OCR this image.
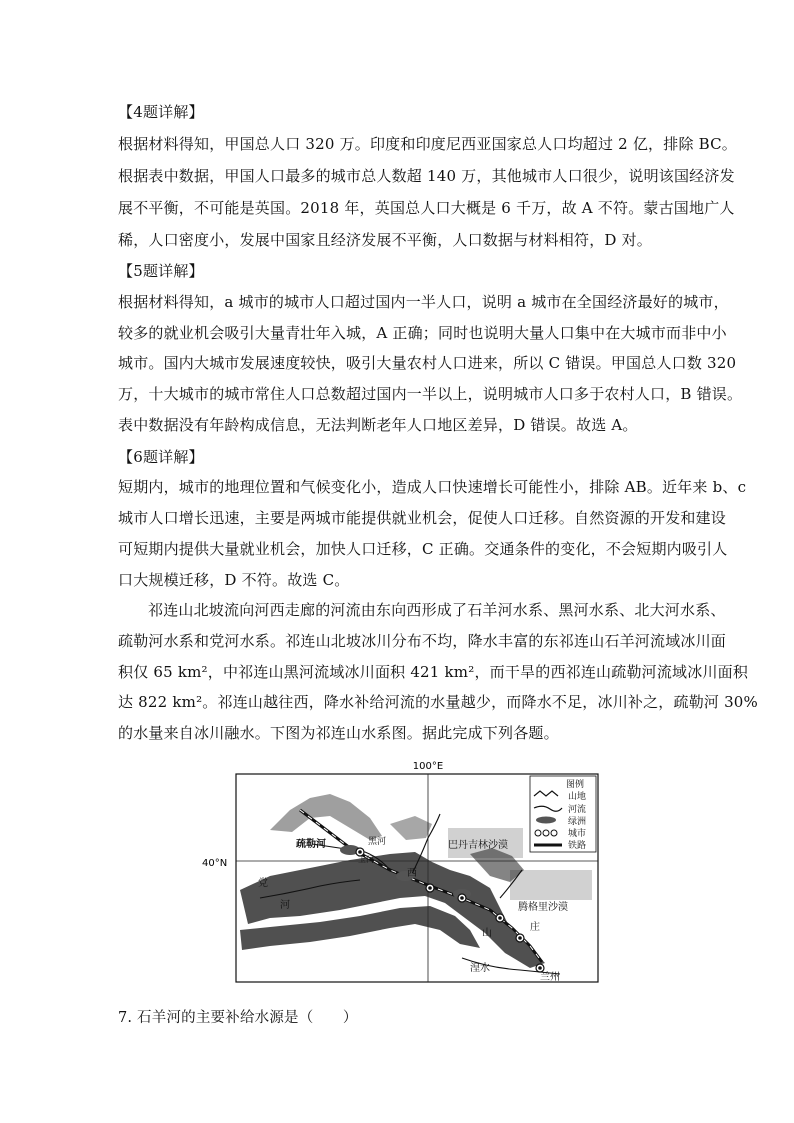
【4题详解】
根据材料得知，甲国总人口 320 万。印度和印度尼西亚国家总人口均超过 2 亿，排除 BC。
根据表中数据，甲国人口最多的城市总人数超 140 万，其他城市人口很少，说明该国经济发
展不平衡，不可能是英国。2018 年，英国总人口大概是 6 千万，故 A 不符。蒙古国地广人
稀，人口密度小，发展中国家且经济发展不平衡，人口数据与材料相符，D 对。
【5题详解】
根据材料得知，a 城市的城市人口超过国内一半人口，说明 a 城市在全国经济最好的城市，
较多的就业机会吸引大量青壮年入城，A 正确；同时也说明大量人口集中在大城市而非中小
城市。国内大城市发展速度较快，吸引大量农村人口进来，所以 C 错误。甲国总人口数 320
万，十大城市的城市常住人口总数超过国内一半以上，说明城市人口多于农村人口，B 错误。
表中数据没有年龄构成信息，无法判断老年人口地区差异，D 错误。故选 A。
【6题详解】
短期内，城市的地理位置和气候变化小，造成人口快速增长可能性小，排除 AB。近年来 b、c
城市人口增长迅速，主要是两城市能提供就业机会，促使人口迁移。自然资源的开发和建设
可短期内提供大量就业机会，加快人口迁移，C 正确。交通条件的变化，不会短期内吸引人
口大规模迁移，D 不符。故选 C。
祁连山北坡流向河西走廊的河流由东向西形成了石羊河水系、黑河水系、北大河水系、
疏勒河水系和党河水系。祁连山北坡冰川分布不均，降水丰富的东祁连山石羊河流域冰川面
积仅 65 km²，中祁连山黑河流域冰川面积 421 km²，而干旱的西祁连山疏勒河流域冰川面积
达 822 km²。祁连山越往西，降水补给河流的水量越少，而降水不足，冰川补之，疏勒河 30%
的水量来自冰川融水。下图为祁连山水系图。据此完成下列各题。
100°E
40°N
疏勒河
玉门
黑河	巴丹吉林沙漠
腾格里沙漠
兰州
湟水
党
河
西
山
庄
图例
山地
河流
绿洲
城市
铁路
7. 石羊河的主要补给水源是（　　）
